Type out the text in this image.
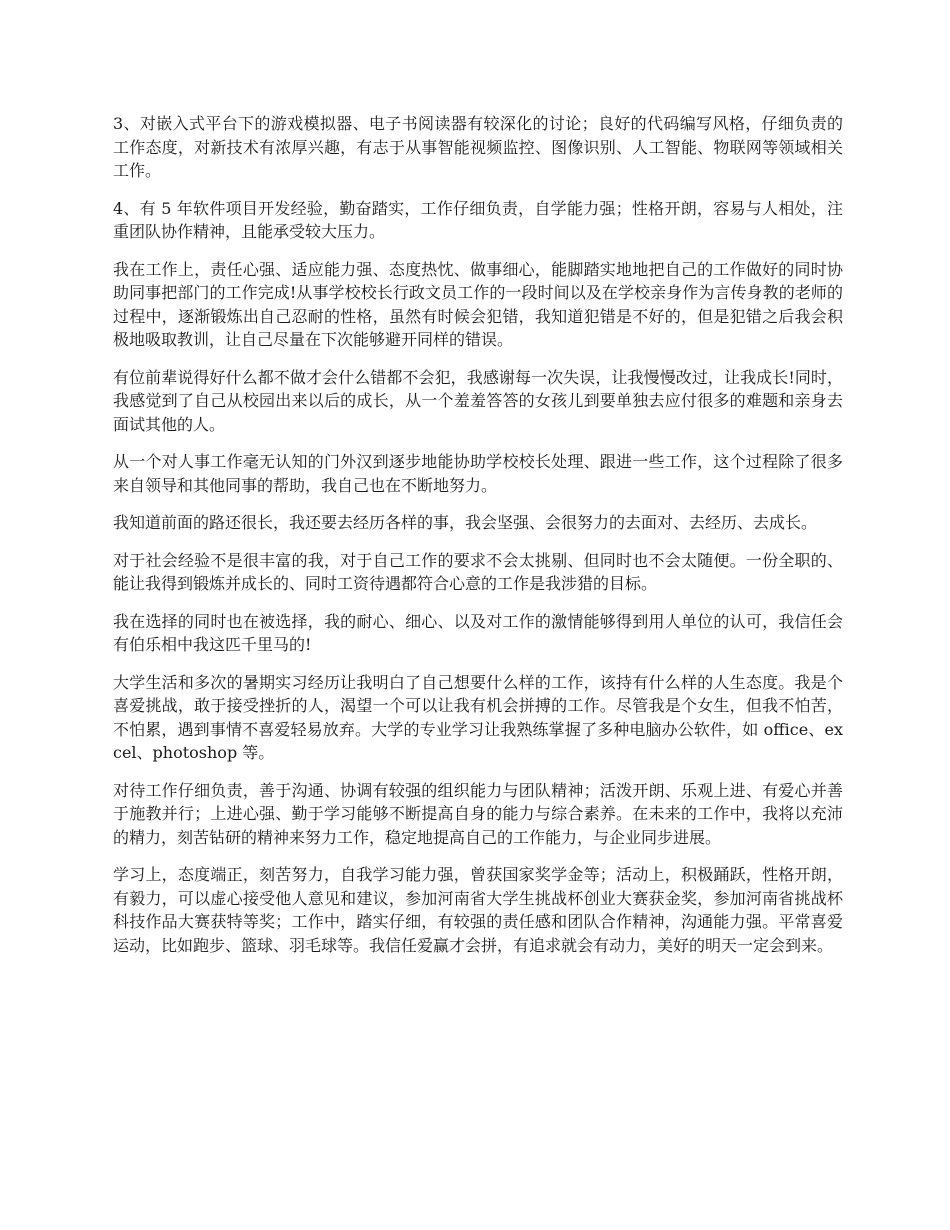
3、对嵌入式平台下的游戏模拟器、电子书阅读器有较深化的讨论；良好的代码编写风格，仔细负责的工作态度，对新技术有浓厚兴趣，有志于从事智能视频监控、图像识别、人工智能、物联网等领域相关工作。

4、有 5 年软件项目开发经验，勤奋踏实，工作仔细负责，自学能力强；性格开朗，容易与人相处，注重团队协作精神，且能承受较大压力。

我在工作上，责任心强、适应能力强、态度热忱、做事细心，能脚踏实地地把自己的工作做好的同时协助同事把部门的工作完成!从事学校校长行政文员工作的一段时间以及在学校亲身作为言传身教的老师的过程中，逐渐锻炼出自己忍耐的性格，虽然有时候会犯错，我知道犯错是不好的，但是犯错之后我会积极地吸取教训，让自己尽量在下次能够避开同样的错误。

有位前辈说得好什么都不做才会什么错都不会犯，我感谢每一次失误，让我慢慢改过，让我成长!同时，我感觉到了自己从校园出来以后的成长，从一个羞羞答答的女孩儿到要单独去应付很多的难题和亲身去面试其他的人。

从一个对人事工作毫无认知的门外汉到逐步地能协助学校校长处理、跟进一些工作，这个过程除了很多来自领导和其他同事的帮助，我自己也在不断地努力。

我知道前面的路还很长，我还要去经历各样的事，我会坚强、会很努力的去面对、去经历、去成长。

对于社会经验不是很丰富的我，对于自己工作的要求不会太挑剔、但同时也不会太随便。一份全职的、能让我得到锻炼并成长的、同时工资待遇都符合心意的工作是我涉猎的目标。

我在选择的同时也在被选择，我的耐心、细心、以及对工作的激情能够得到用人单位的认可，我信任会有伯乐相中我这匹千里马的!

大学生活和多次的暑期实习经历让我明白了自己想要什么样的工作，该持有什么样的人生态度。我是个喜爱挑战，敢于接受挫折的人，渴望一个可以让我有机会拼搏的工作。尽管我是个女生，但我不怕苦，不怕累，遇到事情不喜爱轻易放弃。大学的专业学习让我熟练掌握了多种电脑办公软件，如 office、excel、photoshop 等。

对待工作仔细负责，善于沟通、协调有较强的组织能力与团队精神；活泼开朗、乐观上进、有爱心并善于施教并行；上进心强、勤于学习能够不断提高自身的能力与综合素养。在未来的工作中，我将以充沛的精力，刻苦钻研的精神来努力工作，稳定地提高自己的工作能力，与企业同步进展。

学习上，态度端正，刻苦努力，自我学习能力强，曾获国家奖学金等；活动上，积极踊跃，性格开朗，有毅力，可以虚心接受他人意见和建议，参加河南省大学生挑战杯创业大赛获金奖，参加河南省挑战杯科技作品大赛获特等奖；工作中，踏实仔细，有较强的责任感和团队合作精神，沟通能力强。平常喜爱运动，比如跑步、篮球、羽毛球等。我信任爱赢才会拼，有追求就会有动力，美好的明天一定会到来。
